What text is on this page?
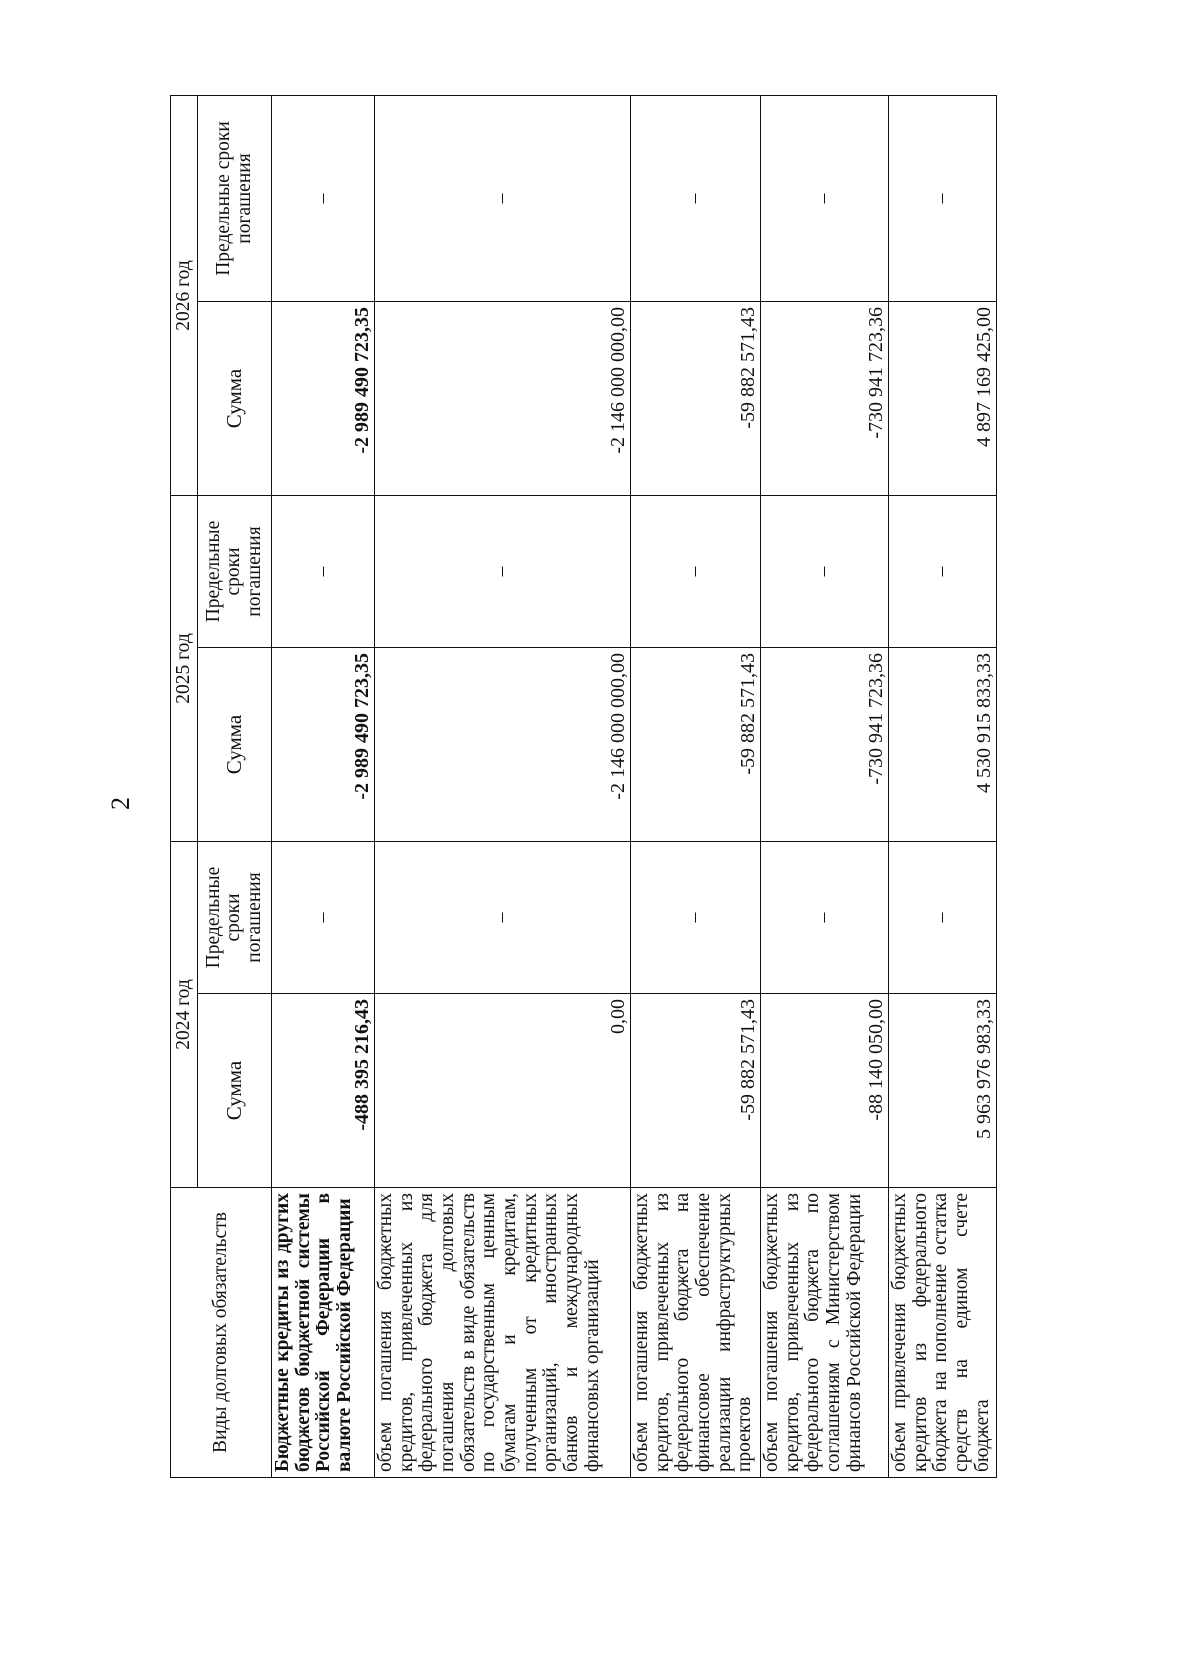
2
Виды долговых обязательств	2024 год		2025 год		2026 год	
	Сумма	Предельные сроки погашения	Сумма	Предельные сроки погашения	Сумма	Предельные сроки погашения
Бюджетные кредиты из других бюджетов бюджетной системы Российской Федерации в валюте Российской Федерации	-488 395 216,43	–	-2 989 490 723,35	–	-2 989 490 723,35	–
объем погашения бюджетных кредитов, привлеченных из федерального бюджета для погашения долговых обязательств в виде обязательств по государственным ценным бумагам и кредитам, полученным от кредитных организаций, иностранных банков и международных финансовых организаций	0,00	–	-2 146 000 000,00	–	-2 146 000 000,00	–
объем погашения бюджетных кредитов, привлеченных из федерального бюджета на финансовое обеспечение реализации инфраструктурных проектов	-59 882 571,43	–	-59 882 571,43	–	-59 882 571,43	–
объем погашения бюджетных кредитов, привлеченных из федерального бюджета по соглашениям с Министерством финансов Российской Федерации	-88 140 050,00	–	-730 941 723,36	–	-730 941 723,36	–
объем привлечения бюджетных кредитов из федерального бюджета на пополнение остатка средств на едином счете бюджета	5 963 976 983,33	–	4 530 915 833,33	–	4 897 169 425,00	–
